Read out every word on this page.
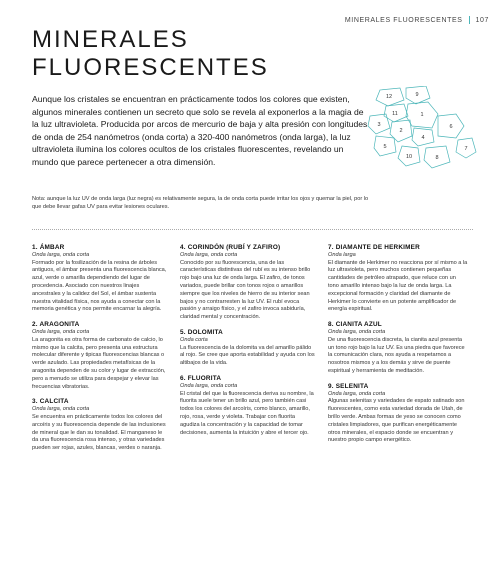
MINERALES FLUORESCENTES 107
MINERALES
FLUORESCENTES
Aunque los cristales se encuentran en prácticamente todos los colores que existen, algunos minerales contienen un secreto que solo se revela al exponerlos a la magia de la luz ultravioleta. Producida por arcos de mercurio de baja y alta presión con longitudes de onda de 254 nanómetros (onda corta) a 320-400 nanómetros (onda larga), la luz ultravioleta ilumina los colores ocultos de los cristales fluorescentes, revelando un mundo que parece pertenecer a otra dimensión.
Nota: aunque la luz UV de onda larga (luz negra) es relativamente segura, la de onda corta puede irritar los ojos y quemar la piel, por lo que debe llevar gafas UV para evitar lesiones oculares.
12	9
11
3
1
2
4
5
6
7
10	8
1. ÁMBAR
Onda larga, onda corta

Formado por la fosilización de la resina de árboles antiguos, el ámbar presenta una fluorescencia blanca, azul, verde o amarilla dependiendo del lugar de procedencia. Asociado con nuestros linajes ancestrales y la calidez del Sol, el ámbar sustenta nuestra vitalidad física, nos ayuda a conectar con la memoria genética y nos permite encarnar la alegría.

2. ARAGONITA
Onda larga, onda corta

La aragonita es otra forma de carbonato de calcio, lo mismo que la calcita, pero presenta una estructura molecular diferente y tipicas fluorescencias blancas o verde azulado. Las propiedades metafísicas de la aragonita dependen de su color y lugar de extracción, pero a menudo se utiliza para despejar y elevar las frecuencias vibratorias.

3. CALCITA
Onda larga, onda corta

Se encuentra en prácticamente todos los colores del arcoíris y su fluorescencia depende de las inclusiones de mineral que le dan su tonalidad. El manganeso le da una fluorescencia rosa intenso, y otras variedades pueden ser rojas, azules, blancas, verdes o naranja.

4. CORINDÓN (RUBÍ Y ZAFIRO)
Onda larga, onda corta

Conocido por su fluorescencia, una de las características distintivas del rubí es su intenso brillo rojo bajo una luz de onda larga. El zafiro, de tonos variados, puede brillar con tonos rojos o amarillos siempre que los niveles de hierro de su interior sean bajos y no contrarresten la luz UV. El rubí evoca pasión y arraigo físico, y el zafiro invoca sabiduría, claridad mental y concentración.

5. DOLOMITA
Onda corta

La fluorescencia de la dolomita va del amarillo pálido al rojo. Se cree que aporta estabilidad y ayuda con los altibajos de la vida.

6. FLUORITA
Onda larga, onda corta

El cristal del que la fluorescencia deriva su nombre, la fluorita suele tener un brillo azul, pero también casi todos los colores del arcoíris, como blanco, amarillo, rojo, rosa, verde y violeta. Trabajar con fluorita agudiza la concentración y la capacidad de tomar decisiones, aumenta la intuición y abre el tercer ojo.

7. DIAMANTE DE HERKIMER
Onda larga

El diamante de Herkimer no reacciona por sí mismo a la luz ultravioleta, pero muchos contienen pequeñas cantidades de petróleo atrapado, que reluce con un tono amarillo intenso bajo la luz de onda larga. La excepcional formación y claridad del diamante de Herkimer lo convierte en un potente amplificador de energía espiritual.

8. CIANITA AZUL
Onda larga, onda corta

De una fluorescencia discreta, la cianita azul presenta un tono rojo bajo la luz UV. Es una piedra que favorece la comunicación clara, nos ayuda a respetarnos a nosotros mismos y a los demás y sirve de puente espiritual y herramienta de meditación.

9. SELENITA
Onda larga, onda corta

Algunas selenitas y variedades de espato satinado son fluorescentes, como esta variedad dorada de Utah, de brillo verde. Ambas formas de yeso se conocen como cristales limpiadores, que purifican energéticamente otros minerales, el espacio donde se encuentran y nuestro propio campo energético.
